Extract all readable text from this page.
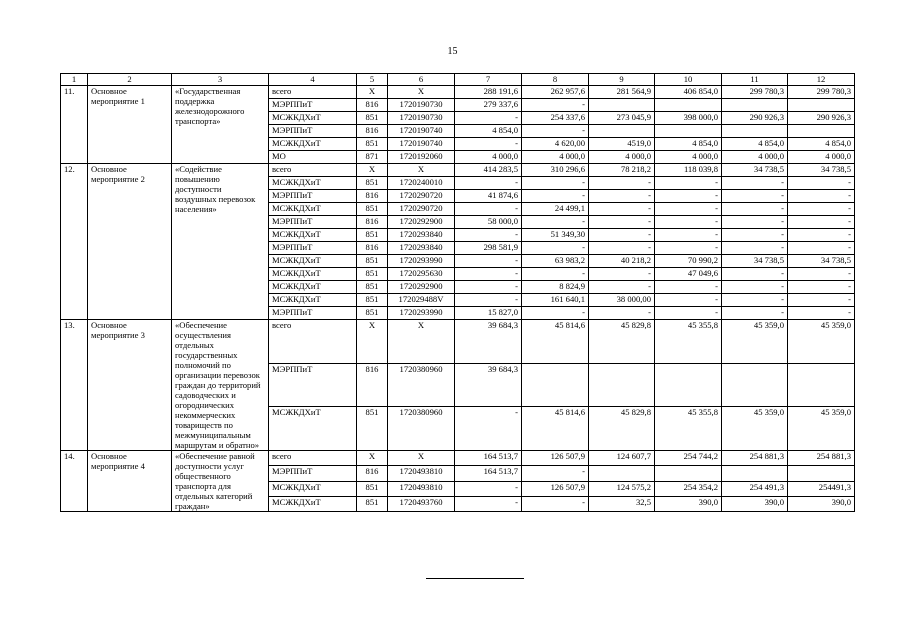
15
1	2	3	4	5	6	7	8	9	10	11	12
11.	Основное мероприятие 1	«Государственная поддержка железнодорожного транспорта»	всего	Х	Х	288 191,6	262 957,6	281 564,9	406 854,0	299 780,3	299 780,3
			МЭРППиТ	816	1720190730	279 337,6	-				
			МСЖКДХиТ	851	1720190730	-	254 337,6	273 045,9	398 000,0	290 926,3	290 926,3
			МЭРППиТ	816	1720190740	4 854,0	-				
			МСЖКДХиТ	851	1720190740	-	4 620,00	4519,0	4 854,0	4 854,0	4 854,0
			МО	871	1720192060	4 000,0	4 000,0	4 000,0	4 000,0	4 000,0	4 000,0
12.	Основное мероприятие 2	«Содействие повышению доступности воздушных перевозок населения»	всего	Х	Х	414 283,5	310 296,6	78 218,2	118 039,8	34 738,5	34 738,5
			МСЖКДХиТ	851	1720240010	-	-	-	-	-	-
			МЭРППиТ	816	1720290720	41 874,6	-	-	-	-	-
			МСЖКДХиТ	851	1720290720	-	24 499,1	-	-	-	-
			МЭРППиТ	816	1720292900	58 000,0	-	-	-	-	-
			МСЖКДХиТ	851	1720293840	-	51 349,30	-	-	-	-
			МЭРППиТ	816	1720293840	298 581,9	-	-	-	-	-
			МСЖКДХиТ	851	1720293990	-	63 983,2	40 218,2	70 990,2	34 738,5	34 738,5
			МСЖКДХиТ	851	1720295630	-	-	-	47 049,6	-	-
			МСЖКДХиТ	851	1720292900	-	8 824,9	-	-	-	-
			МСЖКДХиТ	851	172029488V	-	161 640,1	38 000,00	-	-	-
			МЭРППиТ	851	1720293990	15 827,0	-	-	-	-	-
13.	Основное мероприятие 3	«Обеспечение осуществления отдельных государственных полномочий по организации перевозок граждан до территорий садоводческих и огороднических некоммерческих товариществ по межмуниципальным маршрутам и обратно»	всего	Х	Х	39 684,3	45 814,6	45 829,8	45 355,8	45 359,0	45 359,0
			МЭРППиТ	816	1720380960	39 684,3					
			МСЖКДХиТ	851	1720380960	-	45 814,6	45 829,8	45 355,8	45 359,0	45 359,0
14.	Основное мероприятие 4	«Обеспечение равной доступности услуг общественного транспорта для отдельных категорий граждан»	всего	Х	Х	164 513,7	126 507,9	124 607,7	254 744,2	254 881,3	254 881,3
			МЭРППиТ	816	1720493810	164 513,7	-				
			МСЖКДХиТ	851	1720493810	-	126 507,9	124 575,2	254 354,2	254 491,3	254491,3
			МСЖКДХиТ	851	1720493760	-	-	32,5	390,0	390,0	390,0
